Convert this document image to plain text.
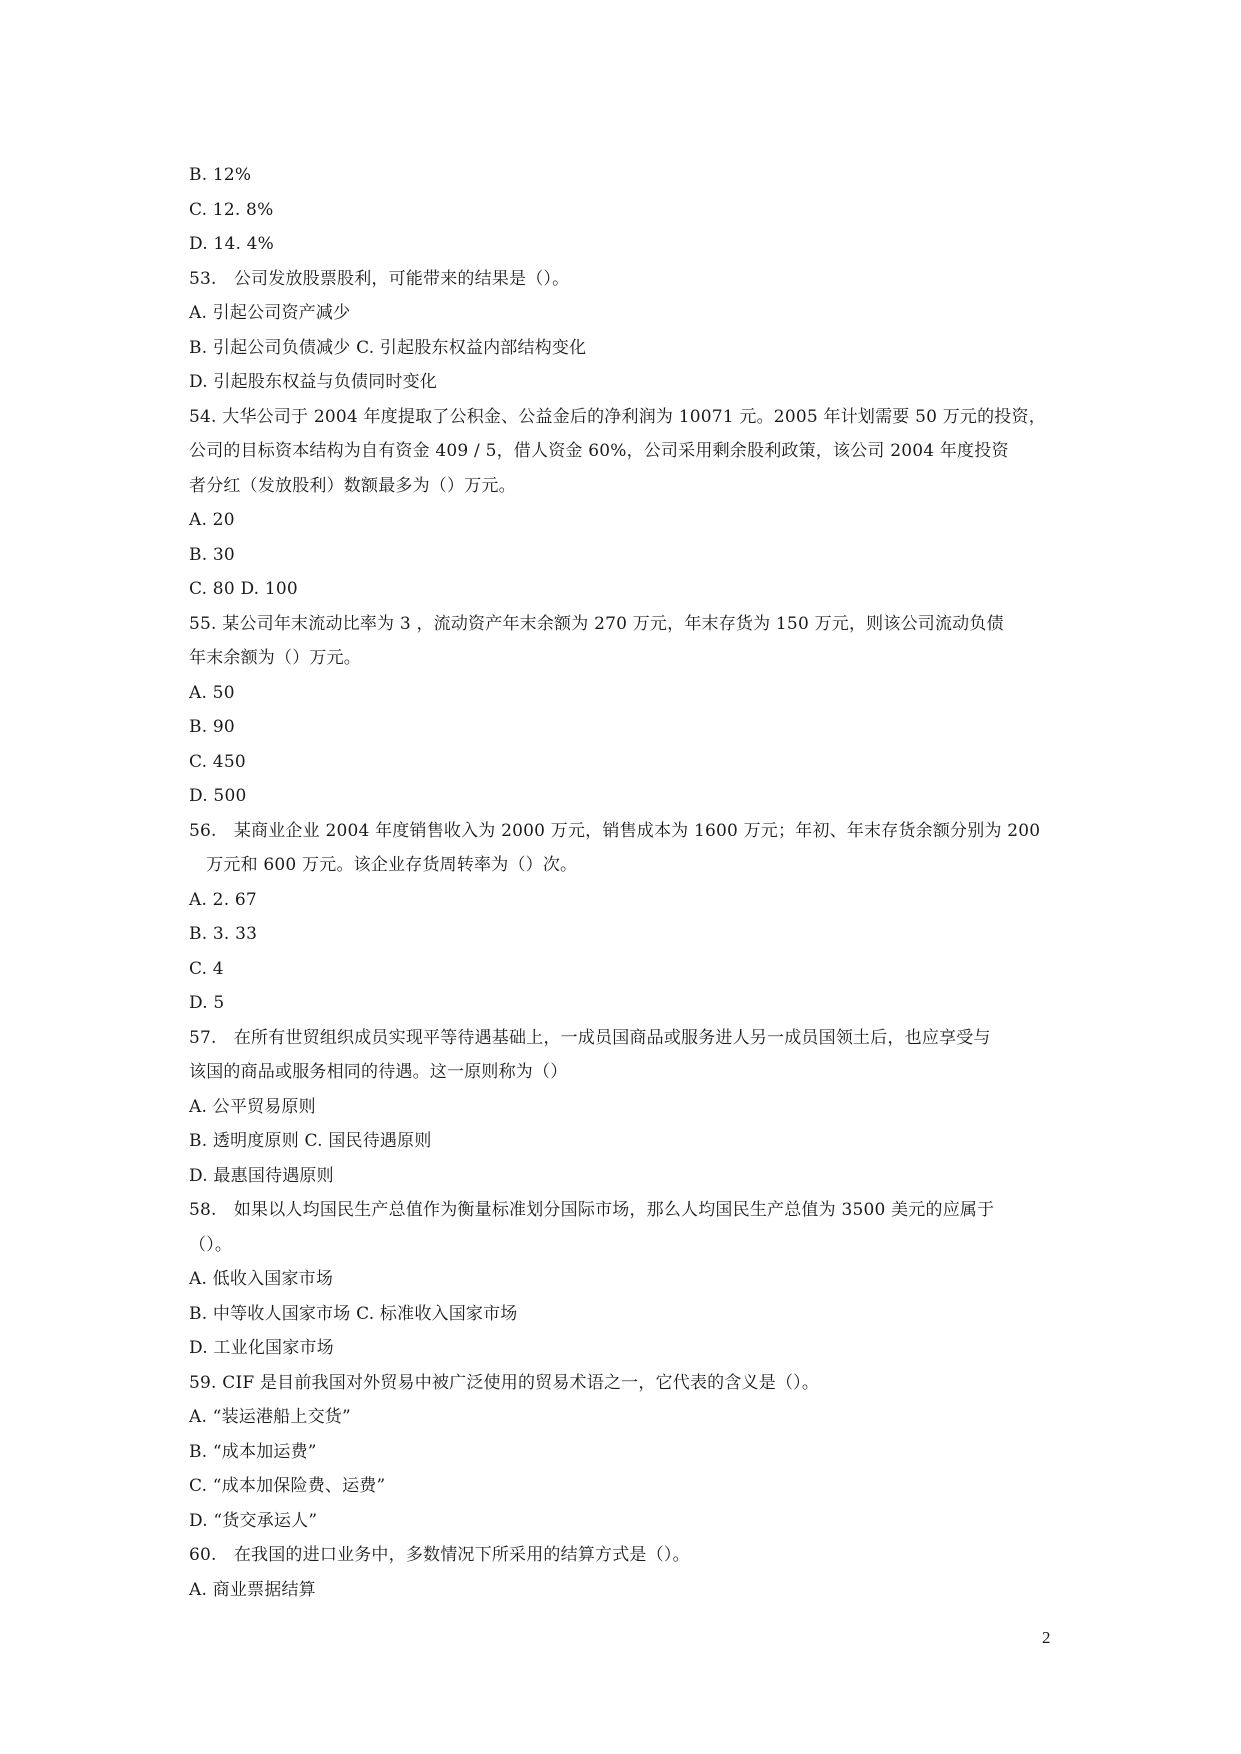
B. 12%
C. 12. 8%
D. 14. 4%
53.　公司发放股票股利，可能带来的结果是（）。
A. 引起公司资产减少
B. 引起公司负债减少 C. 引起股东权益内部结构变化
D. 引起股东权益与负债同时变化
54. 大华公司于 2004 年度提取了公积金、公益金后的净利润为 10071 元。2005 年计划需要 50 万元的投资，
公司的目标资本结构为自有资金 409 / 5，借人资金 60%，公司采用剩余股利政策，该公司 2004 年度投资
者分红（发放股利）数额最多为（）万元。
A. 20
B. 30
C. 80 D. 100
55. 某公司年末流动比率为 3 ，流动资产年末余额为 270 万元，年末存货为 150 万元，则该公司流动负债
年末余额为（）万元。
A. 50
B. 90
C. 450
D. 500
56.　某商业企业 2004 年度销售收入为 2000 万元，销售成本为 1600 万元；年初、年末存货余额分别为 200
　万元和 600 万元。该企业存货周转率为（）次。
A. 2. 67
B. 3. 33
C. 4
D. 5
57.　在所有世贸组织成员实现平等待遇基础上，一成员国商品或服务进人另一成员国领土后，也应享受与
该国的商品或服务相同的待遇。这一原则称为（）
A. 公平贸易原则
B. 透明度原则 C. 国民待遇原则
D. 最惠国待遇原则
58.　如果以人均国民生产总值作为衡量标准划分国际市场，那么人均国民生产总值为 3500 美元的应属于
（）。
A. 低收入国家市场
B. 中等收人国家市场 C. 标准收入国家市场
D. 工业化国家市场
59. CIF 是目前我国对外贸易中被广泛使用的贸易术语之一，它代表的含义是（）。
A. “装运港船上交货”
B. “成本加运费”
C. “成本加保险费、运费”
D. “货交承运人”
60.　在我国的进口业务中，多数情况下所采用的结算方式是（）。
A. 商业票据结算
2
